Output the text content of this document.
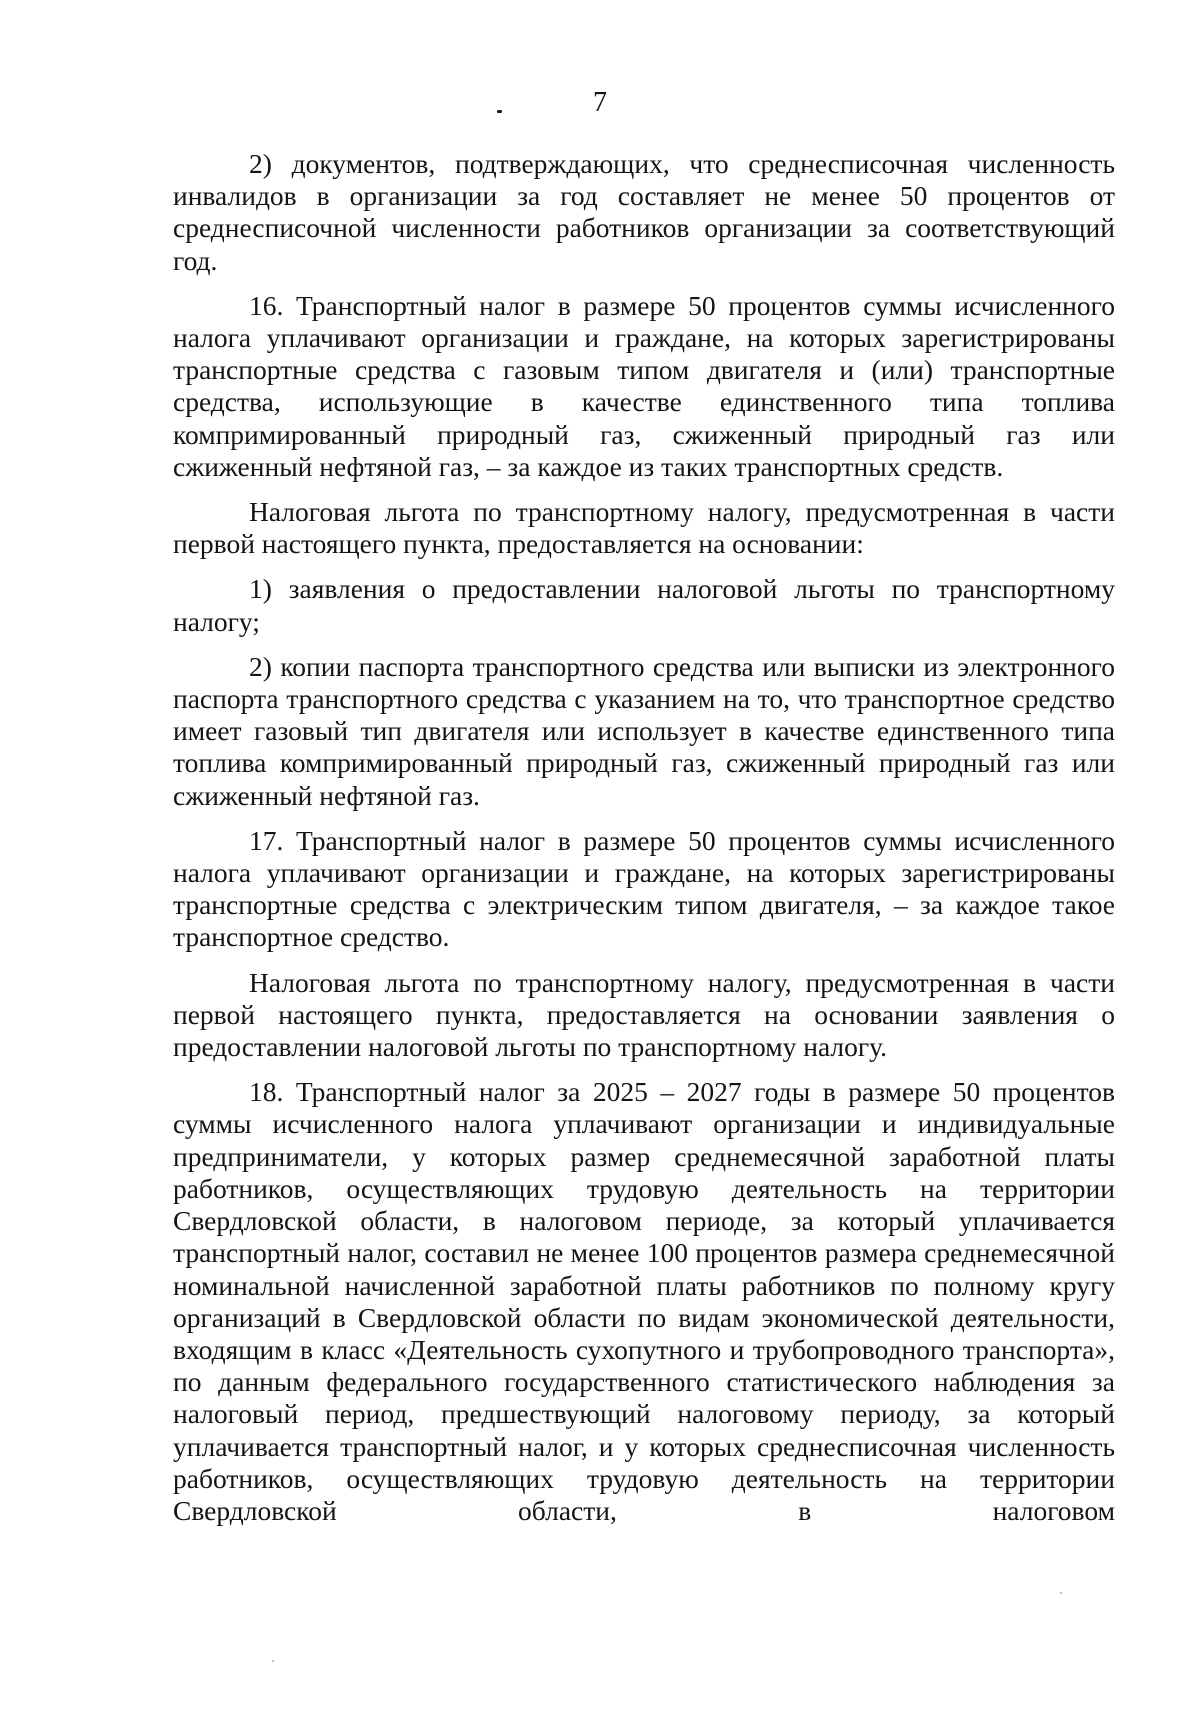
7

2) документов, подтверждающих, что среднесписочная численность инвалидов в организации за год составляет не менее 50 процентов от среднесписочной численности работников организации за соответствующий год.

16. Транспортный налог в размере 50 процентов суммы исчисленного налога уплачивают организации и граждане, на которых зарегистрированы транспортные средства с газовым типом двигателя и (или) транспортные средства, использующие в качестве единственного типа топлива компримированный природный газ, сжиженный природный газ или сжиженный нефтяной газ, – за каждое из таких транспортных средств.

Налоговая льгота по транспортному налогу, предусмотренная в части первой настоящего пункта, предоставляется на основании:

1) заявления о предоставлении налоговой льготы по транспортному налогу;

2) копии паспорта транспортного средства или выписки из электронного паспорта транспортного средства с указанием на то, что транспортное средство имеет газовый тип двигателя или использует в качестве единственного типа топлива компримированный природный газ, сжиженный природный газ или сжиженный нефтяной газ.

17. Транспортный налог в размере 50 процентов суммы исчисленного налога уплачивают организации и граждане, на которых зарегистрированы транспортные средства с электрическим типом двигателя, – за каждое такое транспортное средство.

Налоговая льгота по транспортному налогу, предусмотренная в части первой настоящего пункта, предоставляется на основании заявления о предоставлении налоговой льготы по транспортному налогу.

18. Транспортный налог за 2025 – 2027 годы в размере 50 процентов суммы исчисленного налога уплачивают организации и индивидуальные предприниматели, у которых размер среднемесячной заработной платы работников, осуществляющих трудовую деятельность на территории Свердловской области, в налоговом периоде, за который уплачивается транспортный налог, составил не менее 100 процентов размера среднемесячной номинальной начисленной заработной платы работников по полному кругу организаций в Свердловской области по видам экономической деятельности, входящим в класс «Деятельность сухопутного и трубопроводного транспорта», по данным федерального государственного статистического наблюдения за налоговый период, предшествующий налоговому периоду, за который уплачивается транспортный налог, и у которых среднесписочная численность работников, осуществляющих трудовую деятельность на территории Свердловской области, в налоговом
